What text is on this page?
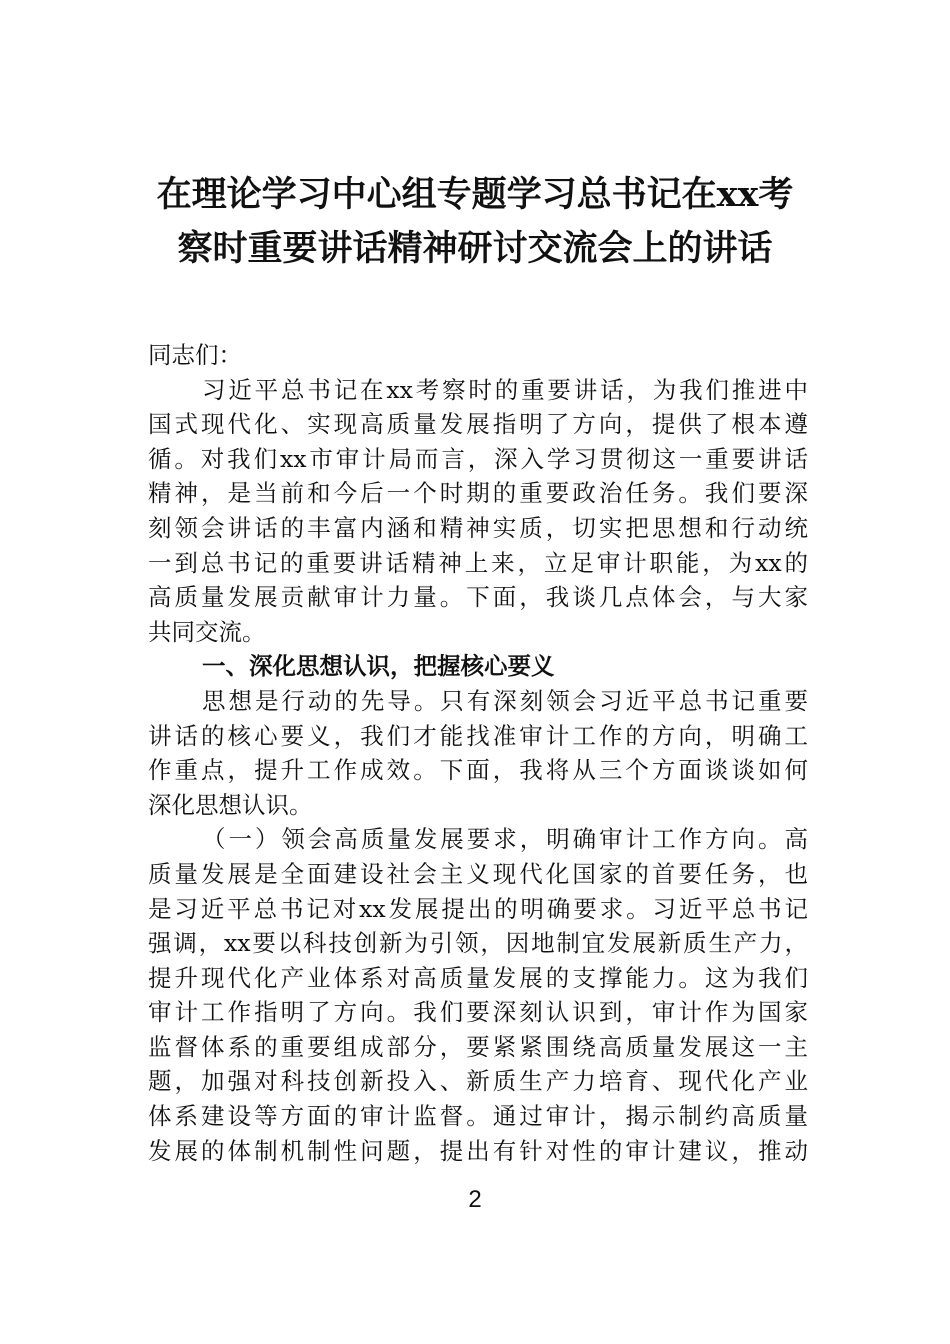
在理论学习中心组专题学习总书记在xx考
察时重要讲话精神研讨交流会上的讲话
同志们：
习近平总书记在xx考察时的重要讲话，为我们推进中
国式现代化、实现高质量发展指明了方向，提供了根本遵
循。对我们xx市审计局而言，深入学习贯彻这一重要讲话
精神，是当前和今后一个时期的重要政治任务。我们要深
刻领会讲话的丰富内涵和精神实质，切实把思想和行动统
一到总书记的重要讲话精神上来，立足审计职能，为xx的
高质量发展贡献审计力量。下面，我谈几点体会，与大家
共同交流。
一、深化思想认识，把握核心要义
思想是行动的先导。只有深刻领会习近平总书记重要
讲话的核心要义，我们才能找准审计工作的方向，明确工
作重点，提升工作成效。下面，我将从三个方面谈谈如何
深化思想认识。
（一）领会高质量发展要求，明确审计工作方向。高
质量发展是全面建设社会主义现代化国家的首要任务，也
是习近平总书记对xx发展提出的明确要求。习近平总书记
强调，xx要以科技创新为引领，因地制宜发展新质生产力，
提升现代化产业体系对高质量发展的支撑能力。这为我们
审计工作指明了方向。我们要深刻认识到，审计作为国家
监督体系的重要组成部分，要紧紧围绕高质量发展这一主
题，加强对科技创新投入、新质生产力培育、现代化产业
体系建设等方面的审计监督。通过审计，揭示制约高质量
发展的体制机制性问题，提出有针对性的审计建议，推动
2
